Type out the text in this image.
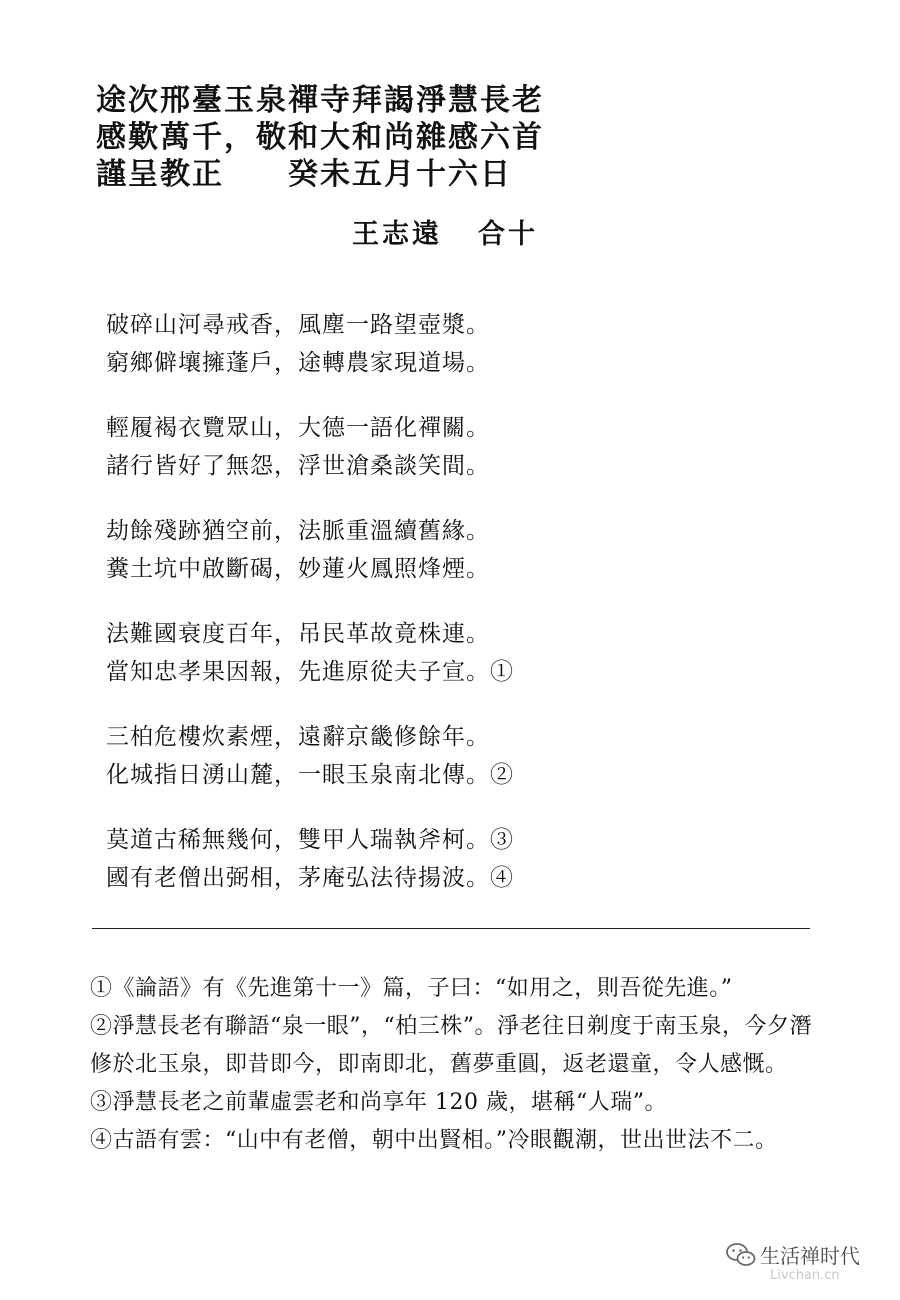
途次邢臺玉泉禪寺拜謁淨慧長老
感歎萬千，敬和大和尚雜感六首
謹呈教正 癸未五月十六日
王志遠 合十
破碎山河尋戒香，風塵一路望壺漿。
窮鄉僻壤擁蓬戶，途轉農家現道場。
輕履褐衣覽眾山，大德一語化禪關。
諸行皆好了無怨，浮世滄桑談笑間。
劫餘殘跡猶空前，法脈重溫續舊緣。
糞土坑中啟斷碣，妙蓮火鳳照烽煙。
法難國衰度百年，吊民革故竟株連。
當知忠孝果因報，先進原從夫子宣。①
三柏危樓炊素煙，遠辭京畿修餘年。
化城指日湧山麓，一眼玉泉南北傳。②
莫道古稀無幾何，雙甲人瑞執斧柯。③
國有老僧出弼相，茅庵弘法待揚波。④
①《論語》有《先進第十一》篇，子曰：“如用之，則吾從先進。”
②淨慧長老有聯語“泉一眼”，“柏三株”。淨老往日剃度于南玉泉，今夕潛修於北玉泉，即昔即今，即南即北，舊夢重圓，返老還童，令人感慨。
③淨慧長老之前輩虛雲老和尚享年 120 歲，堪稱“人瑞”。
④古語有雲：“山中有老僧，朝中出賢相。”冷眼觀潮，世出世法不二。
生活禅时代
Livchan.cn
